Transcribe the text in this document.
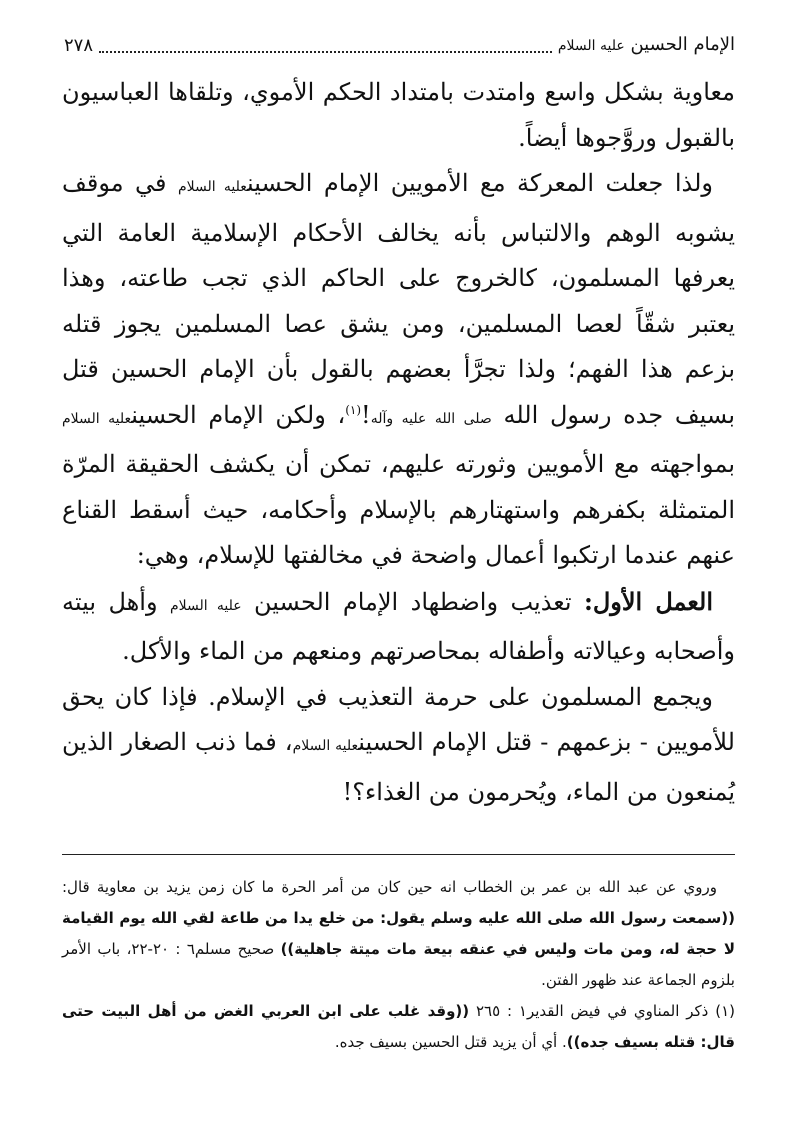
الإمام الحسين عليه السلام
٢٧٨

معاوية بشكل واسع وامتدت بامتداد الحكم الأموي، وتلقاها العباسيون بالقبول وروَّجوها أيضاً.

ولذا جعلت المعركة مع الأمويين الإمام الحسينعليه السلام في موقف يشوبه الوهم والالتباس بأنه يخالف الأحكام الإسلامية العامة التي يعرفها المسلمون، كالخروج على الحاكم الذي تجب طاعته، وهذا يعتبر شقّاً لعصا المسلمين، ومن يشق عصا المسلمين يجوز قتله بزعم هذا الفهم؛ ولذا تجرَّأ بعضهم بالقول بأن الإمام الحسين قتل بسيف جده رسول الله صلى الله عليه وآله!$^{(١)}$، ولكن الإمام الحسينعليه السلام بمواجهته مع الأمويين وثورته عليهم، تمكن أن يكشف الحقيقة المرّة المتمثلة بكفرهم واستهتارهم بالإسلام وأحكامه، حيث أسقط القناع عنهم عندما ارتكبوا أعمال واضحة في مخالفتها للإسلام، وهي:

العمل الأول: تعذيب واضطهاد الإمام الحسين عليه السلام وأهل بيته وأصحابه وعيالاته وأطفاله بمحاصرتهم ومنعهم من الماء والأكل.

ويجمع المسلمون على حرمة التعذيب في الإسلام. فإذا كان يحق للأمويين - بزعمهم - قتل الإمام الحسينعليه السلام، فما ذنب الصغار الذين يُمنعون من الماء، ويُحرمون من الغذاء؟!

وروي عن عبد الله بن عمر بن الخطاب انه حين كان من أمر الحرة ما كان زمن يزيد بن معاوية قال: ((سمعت رسول الله صلى الله عليه وسلم يقول: من خلع يدا من طاعة لقي الله يوم القيامة لا حجة له، ومن مات وليس في عنقه بيعة مات ميتة جاهلية)) صحيح مسلم٦ : ٢٠-٢٢، باب الأمر بلزوم الجماعة عند ظهور الفتن.

(١) ذكر المناوي في فيض القدير١ : ٢٦٥ ((وقد غلب على ابن العربي الغض من أهل البيت حتى قال: قتله بسيف جده)). أي أن يزيد قتل الحسين بسيف جده.
